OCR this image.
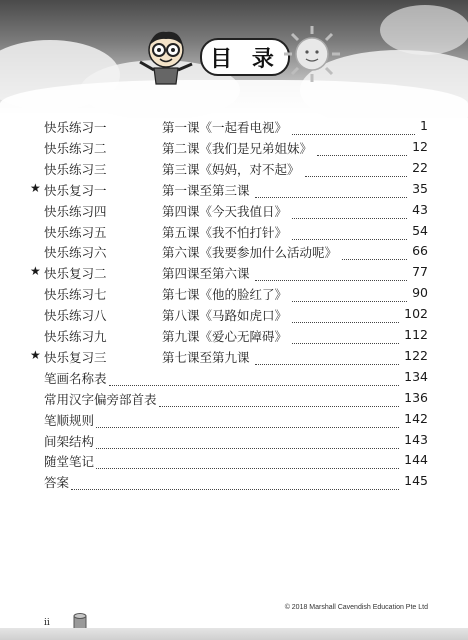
目 录
快乐练习一	第一课《一起看电视》	1
快乐练习二	第二课《我们是兄弟姐妹》	12
快乐练习三	第三课《妈妈，对不起》	22
★ 快乐复习一	第一课至第三课	35
快乐练习四	第四课《今天我值日》	43
快乐练习五	第五课《我不怕打针》	54
快乐练习六	第六课《我要参加什么活动呢》	66
★ 快乐复习二	第四课至第六课	77
快乐练习七	第七课《他的脸红了》	90
快乐练习八	第八课《马路如虎口》	102
快乐练习九	第九课《爱心无障碍》	112
★ 快乐复习三	第七课至第九课	122
笔画名称表	134
常用汉字偏旁部首表	136
笔顺规则	142
间架结构	143
随堂笔记	144
答案	145
© 2018 Marshall Cavendish Education Pte Ltd
ii
